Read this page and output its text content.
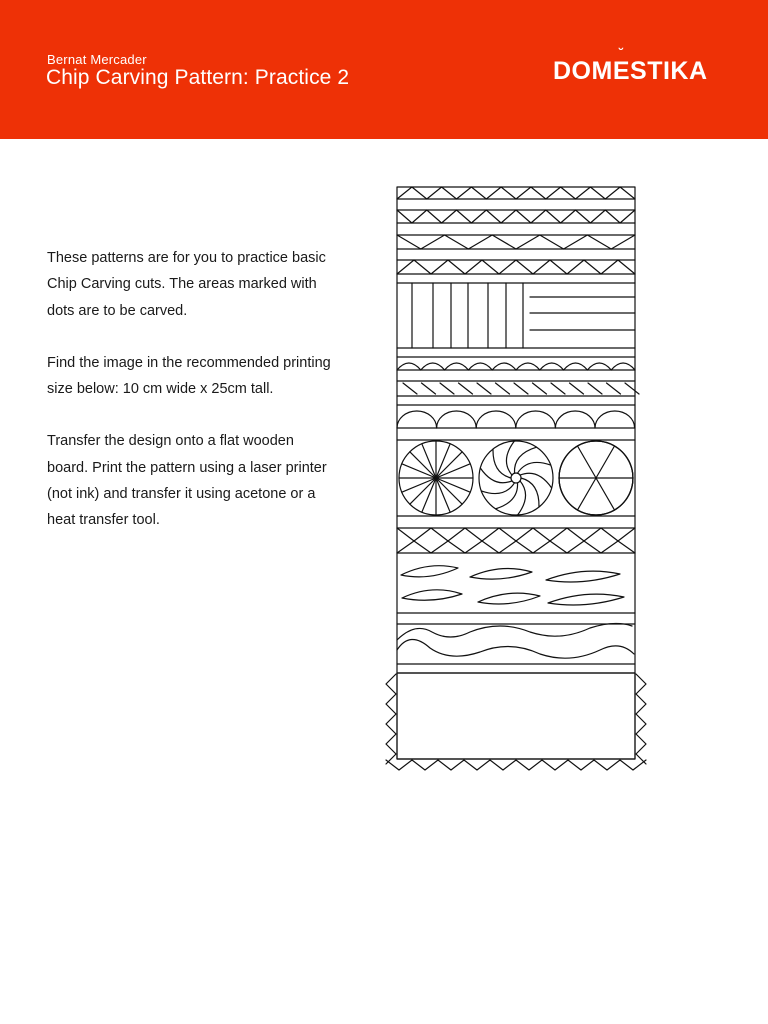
Bernat Mercader
Chip Carving Pattern: Practice 2	DOME
˘
STIKA

These patterns are for you to practice basic Chip Carving cuts. The areas marked with dots are to be carved.

Find the image in the recommended printing size below: 10 cm wide x 25cm tall.

Transfer the design onto a flat wooden board. Print the pattern using a laser printer (not ink) and transfer it using acetone or a heat transfer tool.
